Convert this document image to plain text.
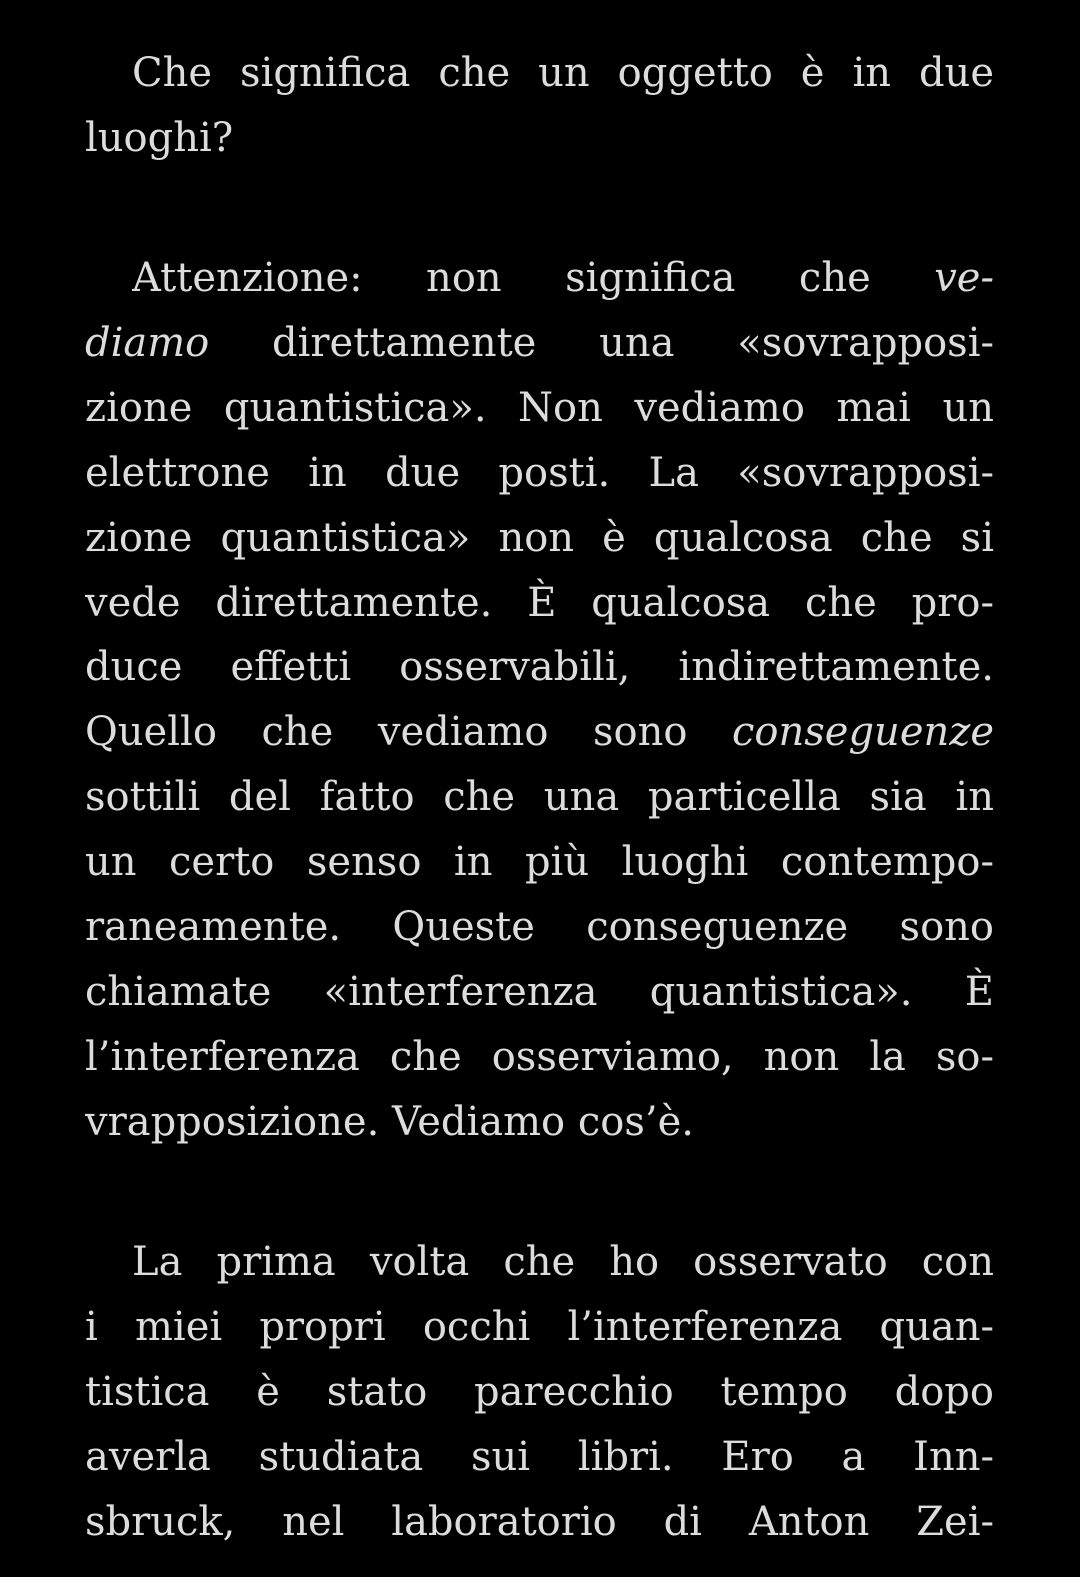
Che significa che un oggetto è in due
luoghi?
Attenzione: non significa che ve-
diamo direttamente una «sovrapposi-
zione quantistica». Non vediamo mai un
elettrone in due posti. La «sovrapposi-
zione quantistica» non è qualcosa che si
vede direttamente. È qualcosa che pro-
duce effetti osservabili, indirettamente.
Quello che vediamo sono conseguenze
sottili del fatto che una particella sia in
un certo senso in più luoghi contempo-
raneamente. Queste conseguenze sono
chiamate «interferenza quantistica». È
l’interferenza che osserviamo, non la so-
vrapposizione. Vediamo cos’è.
La prima volta che ho osservato con
i miei propri occhi l’interferenza quan-
tistica è stato parecchio tempo dopo
averla studiata sui libri. Ero a Inn-
sbruck, nel laboratorio di Anton Zei-
